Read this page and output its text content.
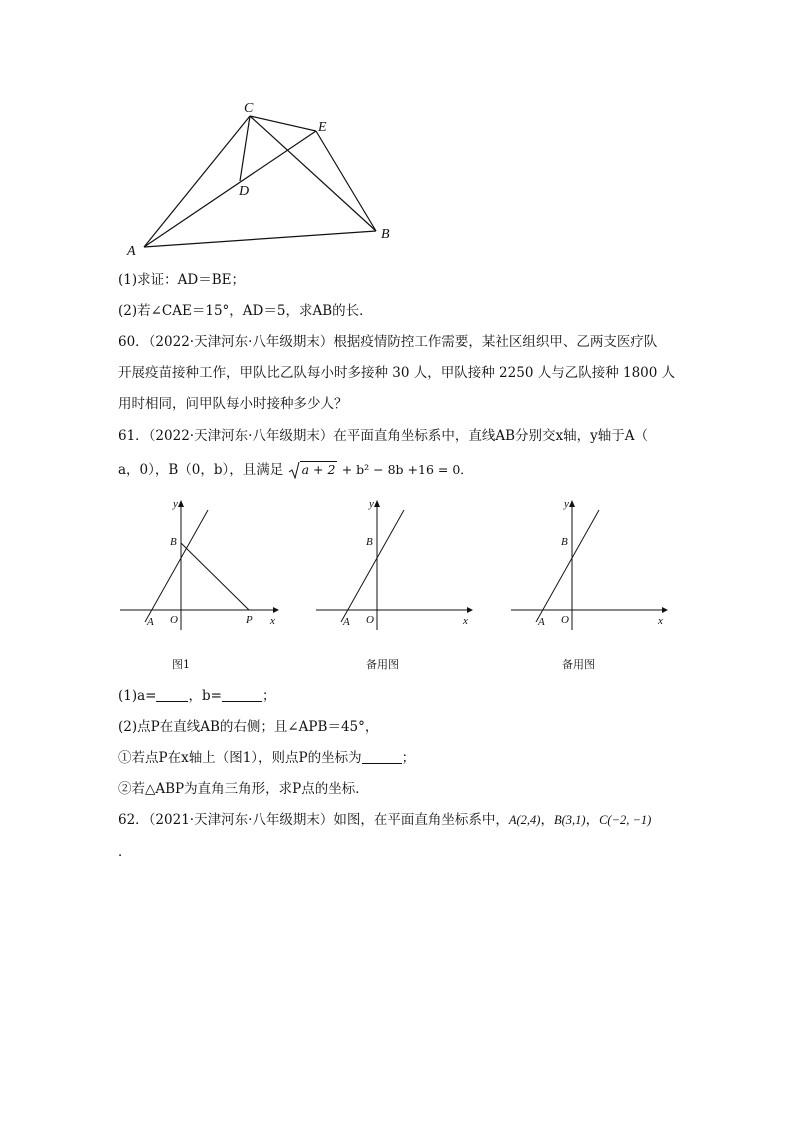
C
E
D
A
B
(1)求证：AD＝BE；
(2)若∠CAE＝15°，AD＝5，求AB的长．
60．（2022·天津河东·八年级期末）根据疫情防控工作需要，某社区组织甲、乙两支医疗队
开展疫苗接种工作，甲队比乙队每小时多接种 30 人，甲队接种 2250 人与乙队接种 1800 人
用时相同，问甲队每小时接种多少人？
61．（2022·天津河东·八年级期末）在平面直角坐标系中，直线AB分别交x轴，y轴于A（
a，0），B（0，b），且满足 a + 2 + b² − 8b +16 = 0．
y
x
O
A
B
P
图1
y
x
O
A
B
备用图
y
x
O
A
B
备用图
(1)a= ，b=	；
(2)点P在直线AB的右侧；且∠APB＝45°，
①若点P在x轴上（图1），则点P的坐标为	；
②若△ABP为直角三角形，求P点的坐标．
62．（2021·天津河东·八年级期末）如图，在平面直角坐标系中，A(2,4)，B(3,1)，C(−2, −1)
．
